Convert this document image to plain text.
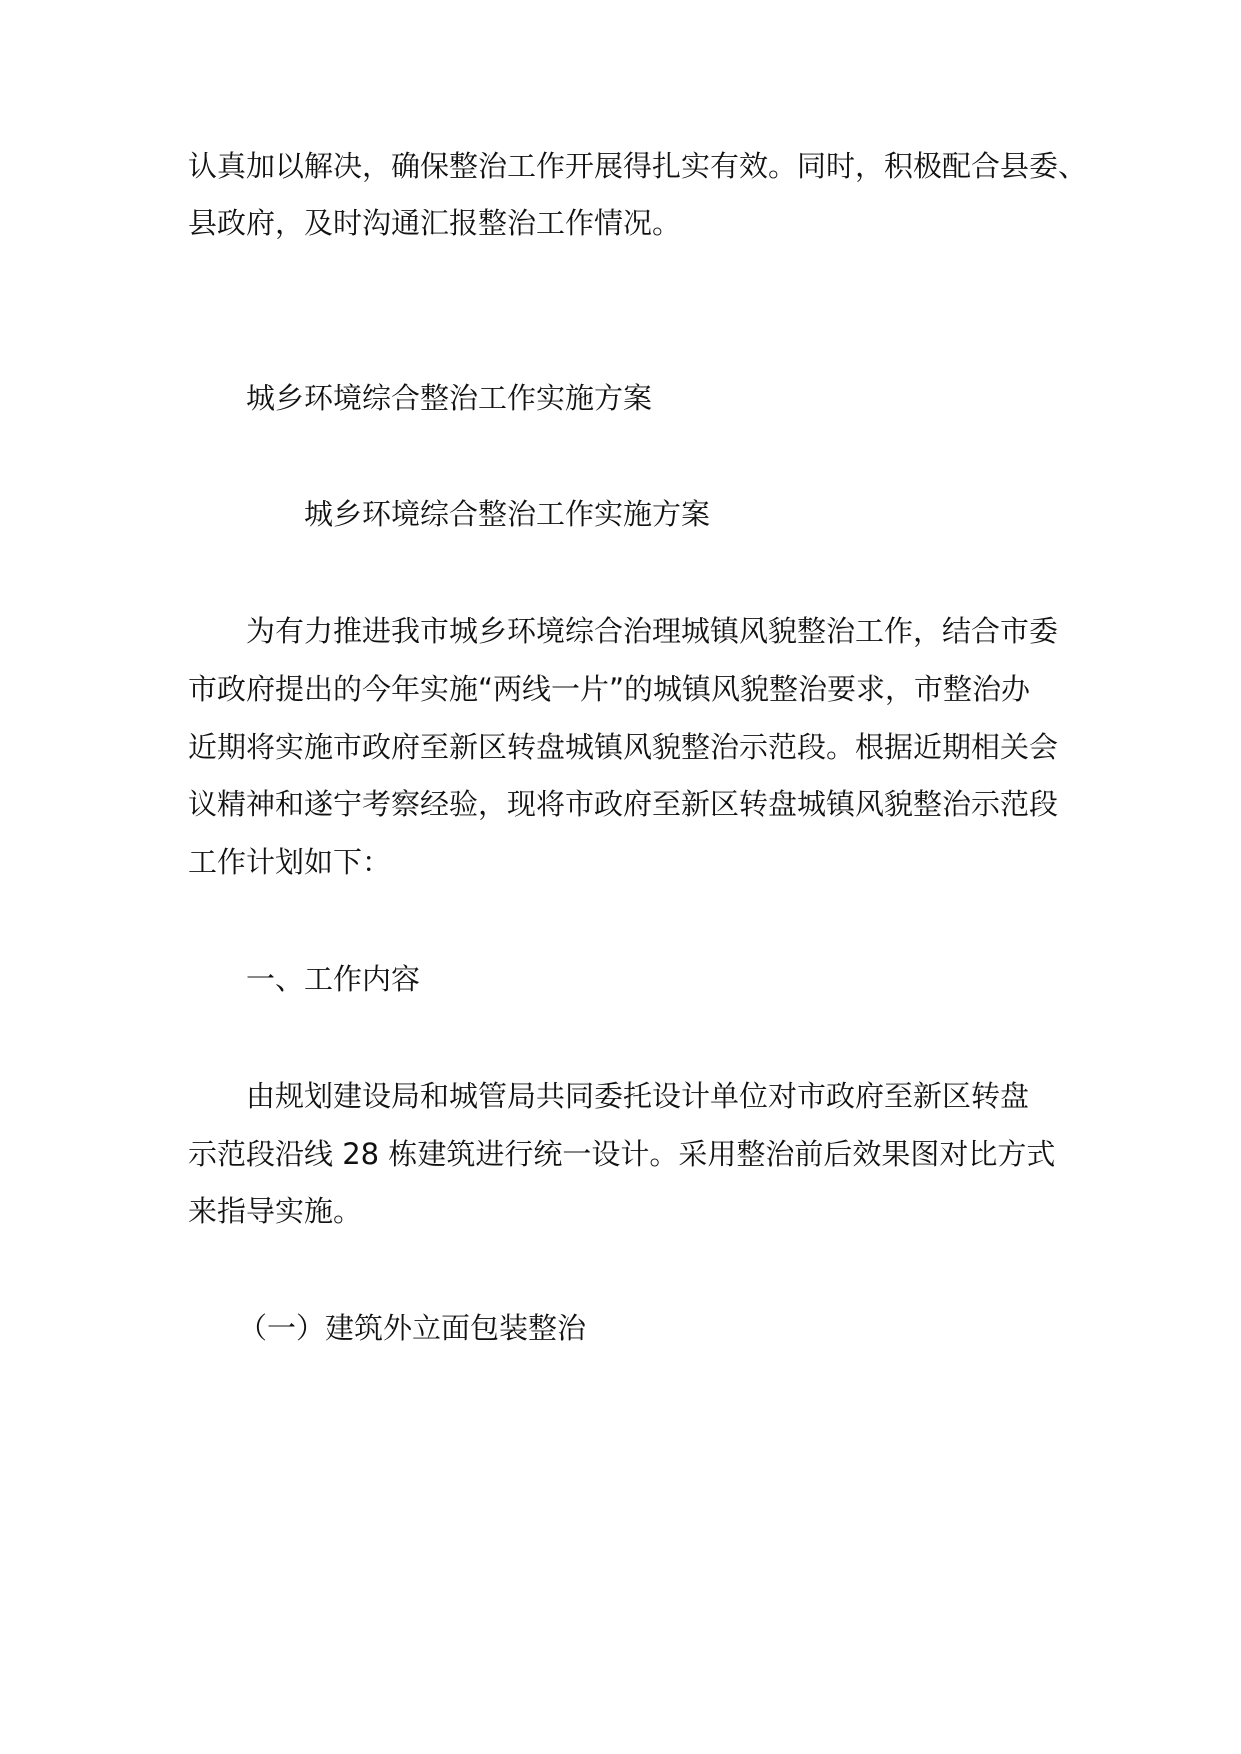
认真加以解决，确保整治工作开展得扎实有效。同时，积极配合县委、
县政府，及时沟通汇报整治工作情况。
城乡环境综合整治工作实施方案
城乡环境综合整治工作实施方案
为有力推进我市城乡环境综合治理城镇风貌整治工作，结合市委
市政府提出的今年实施“两线一片”的城镇风貌整治要求，市整治办
近期将实施市政府至新区转盘城镇风貌整治示范段。根据近期相关会
议精神和遂宁考察经验，现将市政府至新区转盘城镇风貌整治示范段
工作计划如下：
一、工作内容
由规划建设局和城管局共同委托设计单位对市政府至新区转盘
示范段沿线 28 栋建筑进行统一设计。采用整治前后效果图对比方式
来指导实施。
（一）建筑外立面包装整治
